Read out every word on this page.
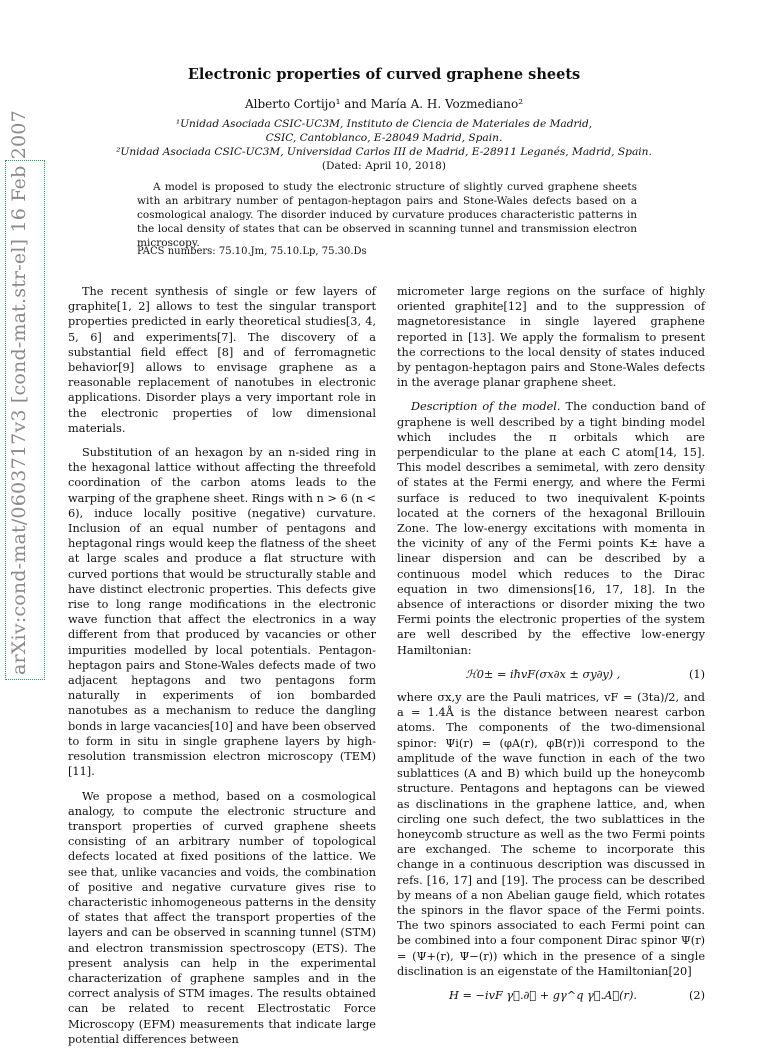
arXiv:cond-mat/0603717v3 [cond-mat.str-el] 16 Feb 2007
Electronic properties of curved graphene sheets
Alberto Cortijo¹ and María A. H. Vozmediano²
¹Unidad Asociada CSIC-UC3M, Instituto de Ciencia de Materiales de Madrid,
CSIC, Cantoblanco, E-28049 Madrid, Spain.
²Unidad Asociada CSIC-UC3M, Universidad Carlos III de Madrid, E-28911 Leganés, Madrid, Spain.
(Dated: April 10, 2018)
A model is proposed to study the electronic structure of slightly curved graphene sheets with an arbitrary number of pentagon-heptagon pairs and Stone-Wales defects based on a cosmological analogy. The disorder induced by curvature produces characteristic patterns in the local density of states that can be observed in scanning tunnel and transmission electron microscopy.
PACS numbers: 75.10.Jm, 75.10.Lp, 75.30.Ds

The recent synthesis of single or few layers of graphite[1, 2] allows to test the singular transport properties predicted in early theoretical studies[3, 4, 5, 6] and experiments[7]. The discovery of a substantial field effect [8] and of ferromagnetic behavior[9] allows to envisage graphene as a reasonable replacement of nanotubes in electronic applications. Disorder plays a very important role in the electronic properties of low dimensional materials.

Substitution of an hexagon by an n-sided ring in the hexagonal lattice without affecting the threefold coordination of the carbon atoms leads to the warping of the graphene sheet. Rings with n > 6 (n < 6), induce locally positive (negative) curvature. Inclusion of an equal number of pentagons and heptagonal rings would keep the flatness of the sheet at large scales and produce a flat structure with curved portions that would be structurally stable and have distinct electronic properties. This defects give rise to long range modifications in the electronic wave function that affect the electronics in a way different from that produced by vacancies or other impurities modelled by local potentials. Pentagon-heptagon pairs and Stone-Wales defects made of two adjacent heptagons and two pentagons form naturally in experiments of ion bombarded nanotubes as a mechanism to reduce the dangling bonds in large vacancies[10] and have been observed to form in situ in single graphene layers by high-resolution transmission electron microscopy (TEM)[11].

We propose a method, based on a cosmological analogy, to compute the electronic structure and transport properties of curved graphene sheets consisting of an arbitrary number of topological defects located at fixed positions of the lattice. We see that, unlike vacancies and voids, the combination of positive and negative curvature gives rise to characteristic inhomogeneous patterns in the density of states that affect the transport properties of the layers and can be observed in scanning tunnel (STM) and electron transmission spectroscopy (ETS). The present analysis can help in the experimental characterization of graphene samples and in the correct analysis of STM images. The results obtained can be related to recent Electrostatic Force Microscopy (EFM) measurements that indicate large potential differences between

micrometer large regions on the surface of highly oriented graphite[12] and to the suppression of magnetoresistance in single layered graphene reported in [13]. We apply the formalism to present the corrections to the local density of states induced by pentagon-heptagon pairs and Stone-Wales defects in the average planar graphene sheet.

Description of the model. The conduction band of graphene is well described by a tight binding model which includes the π orbitals which are perpendicular to the plane at each C atom[14, 15]. This model describes a semimetal, with zero density of states at the Fermi energy, and where the Fermi surface is reduced to two inequivalent K-points located at the corners of the hexagonal Brillouin Zone. The low-energy excitations with momenta in the vicinity of any of the Fermi points K± have a linear dispersion and can be described by a continuous model which reduces to the Dirac equation in two dimensions[16, 17, 18]. In the absence of interactions or disorder mixing the two Fermi points the electronic properties of the system are well described by the effective low-energy Hamiltonian:

ℋ0± = iħvF(σx∂x ± σy∂y) ,	(1)

where σx,y are the Pauli matrices, vF = (3ta)/2, and a = 1.4Å is the distance between nearest carbon atoms. The components of the two-dimensional spinor: Ψi(r) = (φA(r), φB(r))i correspond to the amplitude of the wave function in each of the two sublattices (A and B) which build up the honeycomb structure. Pentagons and heptagons can be viewed as disclinations in the graphene lattice, and, when circling one such defect, the two sublattices in the honeycomb structure as well as the two Fermi points are exchanged. The scheme to incorporate this change in a continuous description was discussed in refs. [16, 17] and [19]. The process can be described by means of a non Abelian gauge field, which rotates the spinors in the flavor space of the Fermi points. The two spinors associated to each Fermi point can be combined into a four component Dirac spinor Ψ(r) = (Ψ+(r), Ψ−(r)) which in the presence of a single disclination is an eigenstate of the Hamiltonian[20]

H = −ivF γ⃗.∂⃗ + gγ^q γ⃗.A⃗(r).	(2)
